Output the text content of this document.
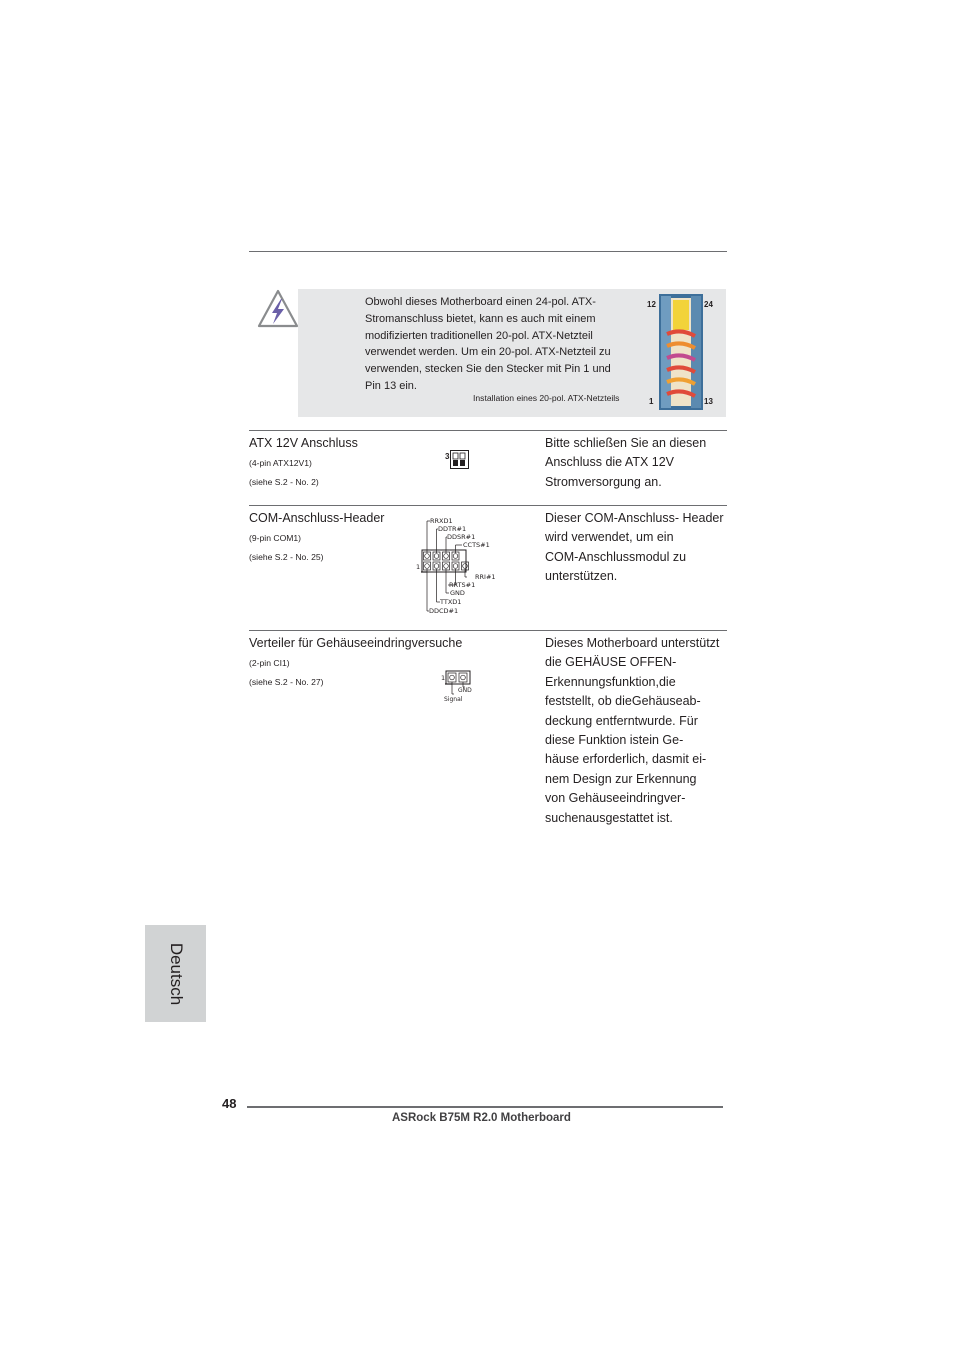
Obwohl dieses Motherboard einen 24-pol. ATX-
Stromanschluss bietet, kann es auch mit einem
modifizierten traditionellen 20-pol. ATX-Netzteil
verwendet werden. Um ein 20-pol. ATX-Netzteil zu
verwenden, stecken Sie den Stecker mit Pin 1 und
Pin 13 ein.
Installation eines 20-pol. ATX-Netzteils
12	24
1	13
ATX 12V Anschluss
(4-pin ATX12V1)
(siehe S.2 - No. 2)
3
Bitte schließen Sie an diesen
Anschluss die ATX 12V
Stromversorgung an.
COM-Anschluss-Header
(9-pin COM1)
(siehe S.2 - No. 25)
RRXD1
DDTR#1
DDSR#1
CCTS#1
1
RRI#1
RRTS#1
GND
TTXD1
DDCD#1
Dieser COM-Anschluss- Header
wird verwendet, um ein
COM-Anschlussmodul zu
unterstützen.
Verteiler für Gehäuseeindringversuche
(2-pin CI1)
(siehe S.2 - No. 27)	1
GND
Signal
Dieses Motherboard unterstützt
die GEHÄUSE OFFEN-
Erkennungsfunktion,die
feststellt, ob dieGehäuseab-
deckung entferntwurde. Für
diese Funktion istein Ge-
häuse erforderlich, dasmit ei-
nem Design zur Erkennung
von Gehäuseeindringver-
suchenausgestattet ist.
Deutsch
48
ASRock B75M R2.0 Motherboard
